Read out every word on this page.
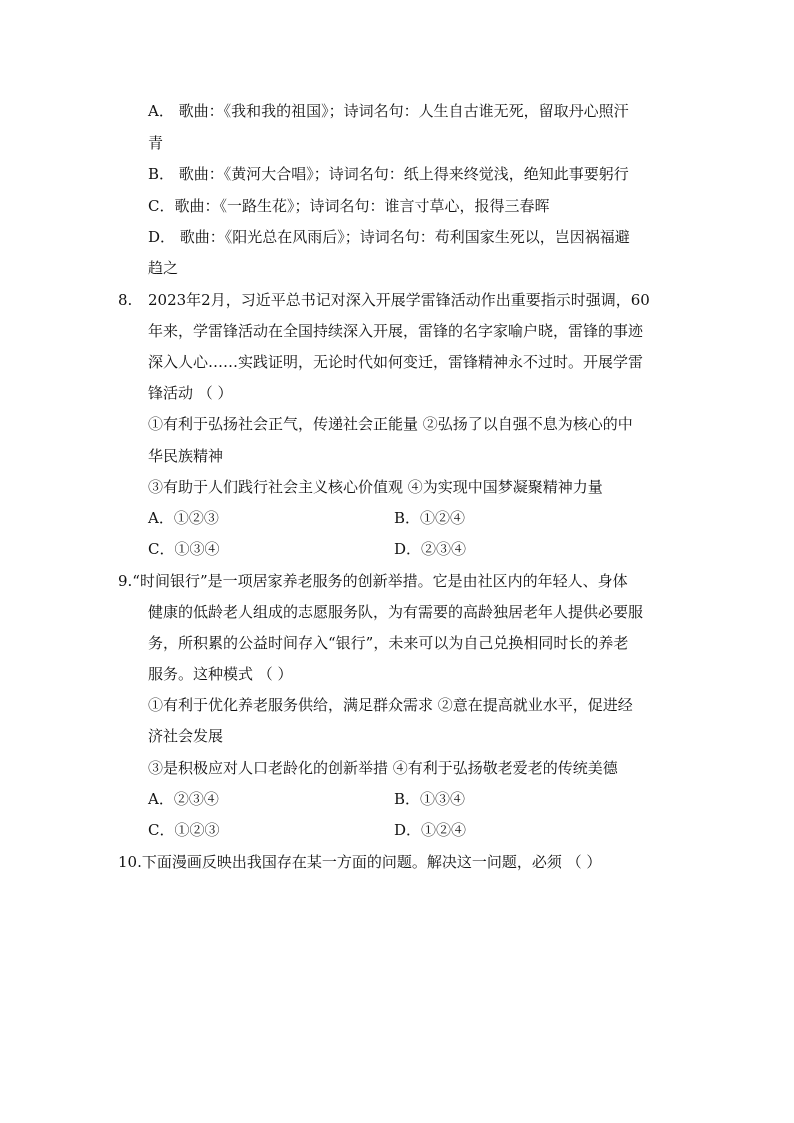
A． 歌曲：《我和我的祖国》；诗词名句：人生自古谁无死，留取丹心照汗
青
B． 歌曲：《黄河大合唱》；诗词名句：纸上得来终觉浅，绝知此事要躬行
C．歌曲：《一路生花》；诗词名句：谁言寸草心，报得三春晖
D． 歌曲：《阳光总在风雨后》；诗词名句：苟利国家生死以，岂因祸福避
趋之
8. 2023年2月，习近平总书记对深入开展学雷锋活动作出重要指示时强调，60
年来，学雷锋活动在全国持续深入开展，雷锋的名字家喻户晓，雷锋的事迹
深入人心……实践证明，无论时代如何变迁，雷锋精神永不过时。开展学雷
锋活动 （ ）
①有利于弘扬社会正气，传递社会正能量 ②弘扬了以自强不息为核心的中
华民族精神
③有助于人们践行社会主义核心价值观 ④为实现中国梦凝聚精神力量
A．①②③	B．①②④
C．①③④	D．②③④
9.“时间银行”是一项居家养老服务的创新举措。它是由社区内的年轻人、身体
健康的低龄老人组成的志愿服务队，为有需要的高龄独居老年人提供必要服
务，所积累的公益时间存入“银行”，未来可以为自己兑换相同时长的养老
服务。这种模式 （ ）
①有利于优化养老服务供给，满足群众需求 ②意在提高就业水平，促进经
济社会发展
③是积极应对人口老龄化的创新举措 ④有利于弘扬敬老爱老的传统美德
A．②③④	B．①③④
C．①②③	D．①②④
10.下面漫画反映出我国存在某一方面的问题。解决这一问题，必须 （ ）
